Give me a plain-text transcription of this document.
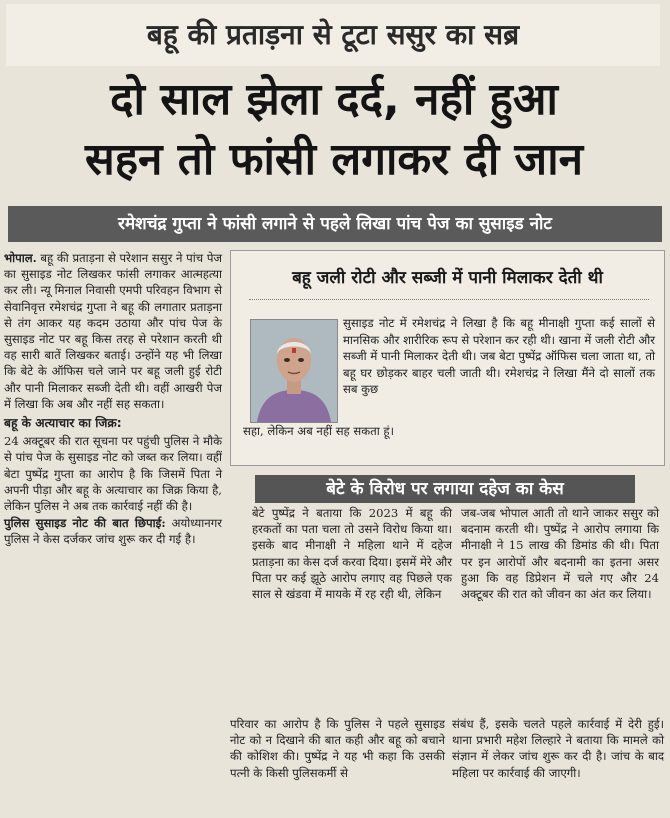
बहू की प्रताड़ना से टूटा ससुर का सब्र
दो साल झेला दर्द, नहीं हुआ
सहन तो फांसी लगाकर दी जान
रमेशचंद्र गुप्ता ने फांसी लगाने से पहले लिखा पांच पेज का सुसाइड नोट

भोपाल. बहू की प्रताड़ना से परेशान ससुर ने पांच पेज का सुसाइड नोट लिखकर फांसी लगाकर आत्महत्या कर ली। न्यू मिनाल निवासी एमपी परिवहन विभाग से सेवानिवृत्त रमेशचंद्र गुप्ता ने बहू की लगातार प्रताड़ना से तंग आकर यह कदम उठाया और पांच पेज के सुसाइड नोट पर बहू किस तरह से परेशान करती थी वह सारी बातें लिखकर बताई। उन्होंने यह भी लिखा कि बेटे के ऑफिस चले जाने पर बहू जली हुई रोटी और पानी मिलाकर सब्जी देती थी। वहीं आखरी पेज में लिखा कि अब और नहीं सह सकता।

बहू के अत्याचार का जिक्र:

24 अक्टूबर की रात सूचना पर पहुंची पुलिस ने मौके से पांच पेज के सुसाइड नोट को जब्त कर लिया। वहीं बेटा पुष्पेंद्र गुप्ता का आरोप है कि जिसमें पिता ने अपनी पीड़ा और बहू के अत्याचार का जिक्र किया है, लेकिन पुलिस ने अब तक कार्रवाई नहीं की है।

पुलिस सुसाइड नोट की बात छिपाई: अयोध्यानगर पुलिस ने केस दर्जकर जांच शुरू कर दी गई है।

बहू जली रोटी और सब्जी में पानी मिलाकर देती थी
सुसाइड नोट में रमेशचंद्र ने लिखा है कि बहू मीनाक्षी गुप्ता कई सालों से मानसिक और शारीरिक रूप से परेशान कर रही थी। खाना में जली रोटी और सब्जी में पानी मिलाकर देती थी। जब बेटा पुष्पेंद्र ऑफिस चला जाता था, तो बहू घर छोड़कर बाहर चली जाती थी। रमेशचंद्र ने लिखा मैंने दो सालों तक सब कुछ
सहा, लेकिन अब नहीं सह सकता हूं।
बेटे के विरोध पर लगाया दहेज का केस
बेटे पुष्पेंद्र ने बताया कि 2023 में बहू की हरकतों का पता चला तो उसने विरोध किया था। इसके बाद मीनाक्षी ने महिला थाने में दहेज प्रताड़ना का केस दर्ज करवा दिया। इसमें मेरे और पिता पर कई झूठे आरोप लगाए वह पिछले एक साल से खंडवा में मायके में रह रही थी, लेकिन
जब-जब भोपाल आती तो थाने जाकर ससुर को बदनाम करती थी। पुष्पेंद्र ने आरोप लगाया कि मीनाक्षी ने 15 लाख की डिमांड की थी। पिता पर इन आरोपों और बदनामी का इतना असर हुआ कि वह डिप्रेशन में चले गए और 24 अक्टूबर की रात को जीवन का अंत कर लिया।
परिवार का आरोप है कि पुलिस ने पहले सुसाइड नोट को न दिखाने की बात कही और बहू को बचाने की कोशिश की। पुष्पेंद्र ने यह भी कहा कि उसकी पत्नी के किसी पुलिसकर्मी से
संबंध हैं, इसके चलते पहले कार्रवाई में देरी हुई। थाना प्रभारी महेश लिल्हारे ने बताया कि मामले को संज्ञान में लेकर जांच शुरू कर दी है। जांच के बाद महिला पर कार्रवाई की जाएगी।
